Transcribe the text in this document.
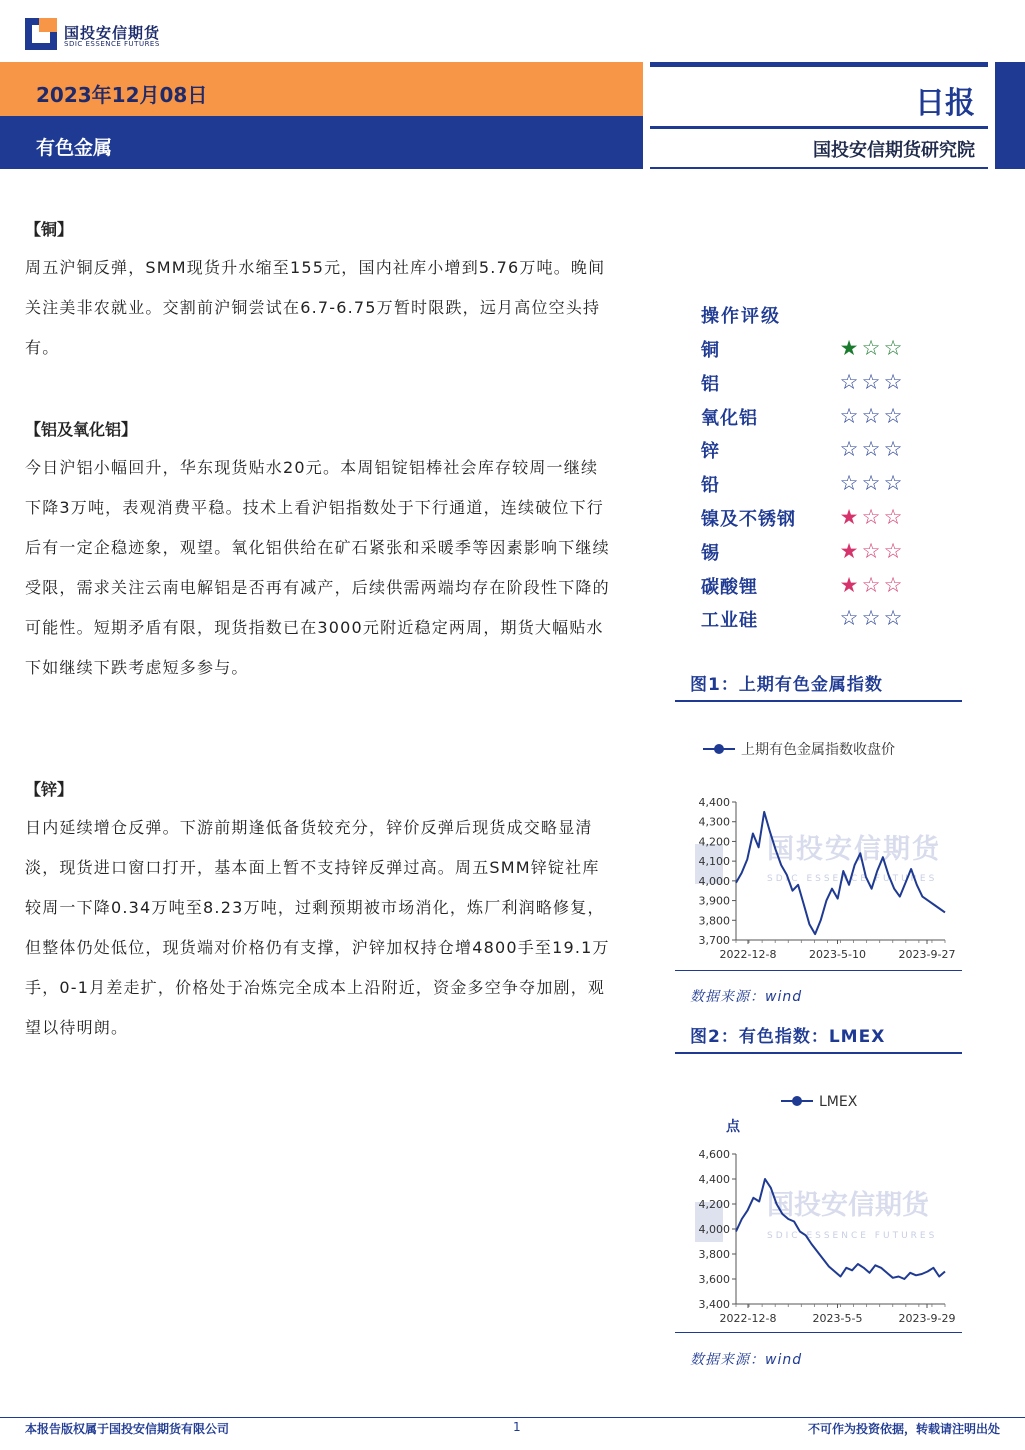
国投安信期货
SDIC ESSENCE FUTURES
2023年12月08日
有色金属
日报
国投安信期货研究院
【铜】
周五沪铜反弹，SMM现货升水缩至155元，国内社库小增到5.76万吨。晚间关注美非农就业。交割前沪铜尝试在6.7-6.75万暂时限跌，远月高位空头持有。
【铝及氧化铝】
今日沪铝小幅回升，华东现货贴水20元。本周铝锭铝棒社会库存较周一继续下降3万吨，表观消费平稳。技术上看沪铝指数处于下行通道，连续破位下行后有一定企稳迹象，观望。氧化铝供给在矿石紧张和采暖季等因素影响下继续受限，需求关注云南电解铝是否再有减产，后续供需两端均存在阶段性下降的可能性。短期矛盾有限，现货指数已在3000元附近稳定两周，期货大幅贴水下如继续下跌考虑短多参与。
【锌】
日内延续增仓反弹。下游前期逢低备货较充分，锌价反弹后现货成交略显清淡，现货进口窗口打开，基本面上暂不支持锌反弹过高。周五SMM锌锭社库较周一下降0.34万吨至8.23万吨，过剩预期被市场消化，炼厂利润略修复，但整体仍处低位，现货端对价格仍有支撑，沪锌加权持仓增4800手至19.1万手，0-1月差走扩，价格处于冶炼完全成本上沿附近，资金多空争夺加剧，观望以待明朗。
操作评级
铜	★ ☆ ☆
铝	☆ ☆ ☆
氧化铝	☆ ☆ ☆
锌	☆ ☆ ☆
铅	☆ ☆ ☆
镍及不锈钢 ★ ☆ ☆
锡	★ ☆ ☆
碳酸锂	★ ☆ ☆
工业硅	☆ ☆ ☆
图1：上期有色金属指数
上期有色金属指数收盘价
国投安信期货
SDIC ESSENCE FUTURES
3,700
3,800
3,900
4,000
4,100
4,200
4,300
4,400
2022-12-8	2023-5-10	2023-9-27
数据来源：wind
图2：有色指数：LMEX
LMEX
点
国投安信期货
SDIC ESSENCE FUTURES
3,400
3,600
3,800
4,000
4,200
4,400
4,600
2022-12-8	2023-5-5	2023-9-29
数据来源：wind
本报告版权属于国投安信期货有限公司	1	不可作为投资依据，转载请注明出处
